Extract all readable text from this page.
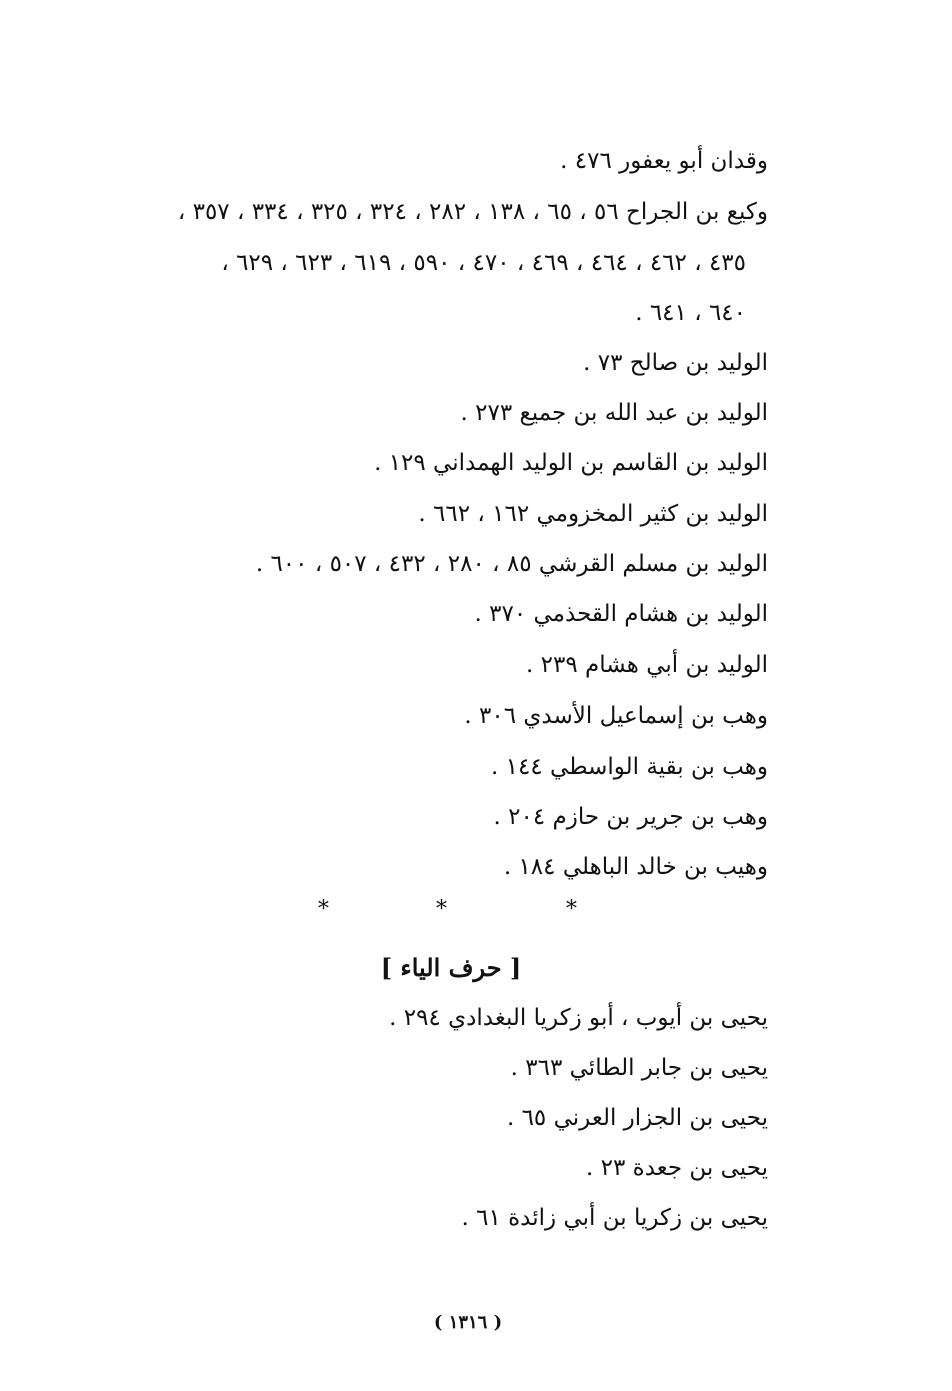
وقدان أبو يعفور ٤٧٦ .
وكيع بن الجراح ٥٦ ، ٦٥ ، ١٣٨ ، ٢٨٢ ، ٣٢٤ ، ٣٢٥ ، ٣٣٤ ، ٣٥٧ ،
٤٣٥ ، ٤٦٢ ، ٤٦٤ ، ٤٦٩ ، ٤٧٠ ، ٥٩٠ ، ٦١٩ ، ٦٢٣ ، ٦٢٩ ،
٦٤٠ ، ٦٤١ .
الوليد بن صالح ٧٣ .
الوليد بن عبد الله بن جميع ٢٧٣ .
الوليد بن القاسم بن الوليد الهمداني ١٢٩ .
الوليد بن كثير المخزومي ١٦٢ ، ٦٦٢ .
الوليد بن مسلم القرشي ٨٥ ، ٢٨٠ ، ٤٣٢ ، ٥٠٧ ، ٦٠٠ .
الوليد بن هشام القحذمي ٣٧٠ .
الوليد بن أبي هشام ٢٣٩ .
وهب بن إسماعيل الأسدي ٣٠٦ .
وهب بن بقية الواسطي ١٤٤ .
وهب بن جرير بن حازم ٢٠٤ .
وهيب بن خالد الباهلي ١٨٤ .
*	*	*
[ حرف الياء ]
يحيى بن أيوب ، أبو زكريا البغدادي ٢٩٤ .
يحيى بن جابر الطائي ٣٦٣ .
يحيى بن الجزار العرني ٦٥ .
يحيى بن جعدة ٢٣ .
يحيى بن زكريا بن أبي زائدة ٦١ .
( ١٣١٦ )
